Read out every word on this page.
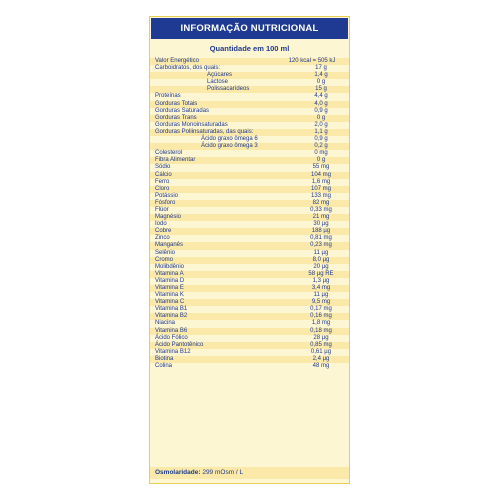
INFORMAÇÃO NUTRICIONAL
Quantidade em 100 ml
Valor Energético	120 kcal = 505 kJ
Carboidratos, dos quais:	17 g
Açúcares	1,4 g
Lactose	0 g
Polissacarídeos	15 g
Proteínas	4,4 g
Gorduras Totais	4,0 g
Gorduras Saturadas	0,9 g
Gorduras Trans	0 g
Gorduras Monoinsaturadas	2,0 g
Gorduras Poliinsaturadas, das quais:	1,1 g
Ácido graxo ômega 6	0,9 g
Ácido graxo ômega 3	0,2 g
Colesterol	0 mg
Fibra Alimentar	0 g
Sódio	55 mg
Cálcio	104 mg
Ferro	1,6 mg
Cloro	107 mg
Potássio	133 mg
Fósforo	82 mg
Flúor	0,33 mg
Magnésio	21 mg
Iodo	30 µg
Cobre	188 µg
Zinco	0,81 mg
Manganês	0,23 mg
Selênio	11 µg
Cromo	8,0 µg
Molibdênio	20 µg
Vitamina A	58 µg RE
Vitamina D	1,3 µg
Vitamina E	3,4 mg
Vitamina K	11 µg
Vitamina C	9,5 mg
Vitamina B1	0,17 mg
Vitamina B2	0,16 mg
Niacina	1,8 mg
Vitamina B6	0,18 mg
Ácido Fólico	28 µg
Ácido Pantotênico	0,85 mg
Vitamina B12	0,61 µg
Biotina	2,4 µg
Colina	48 mg
Osmolaridade: 299 mOsm / L
